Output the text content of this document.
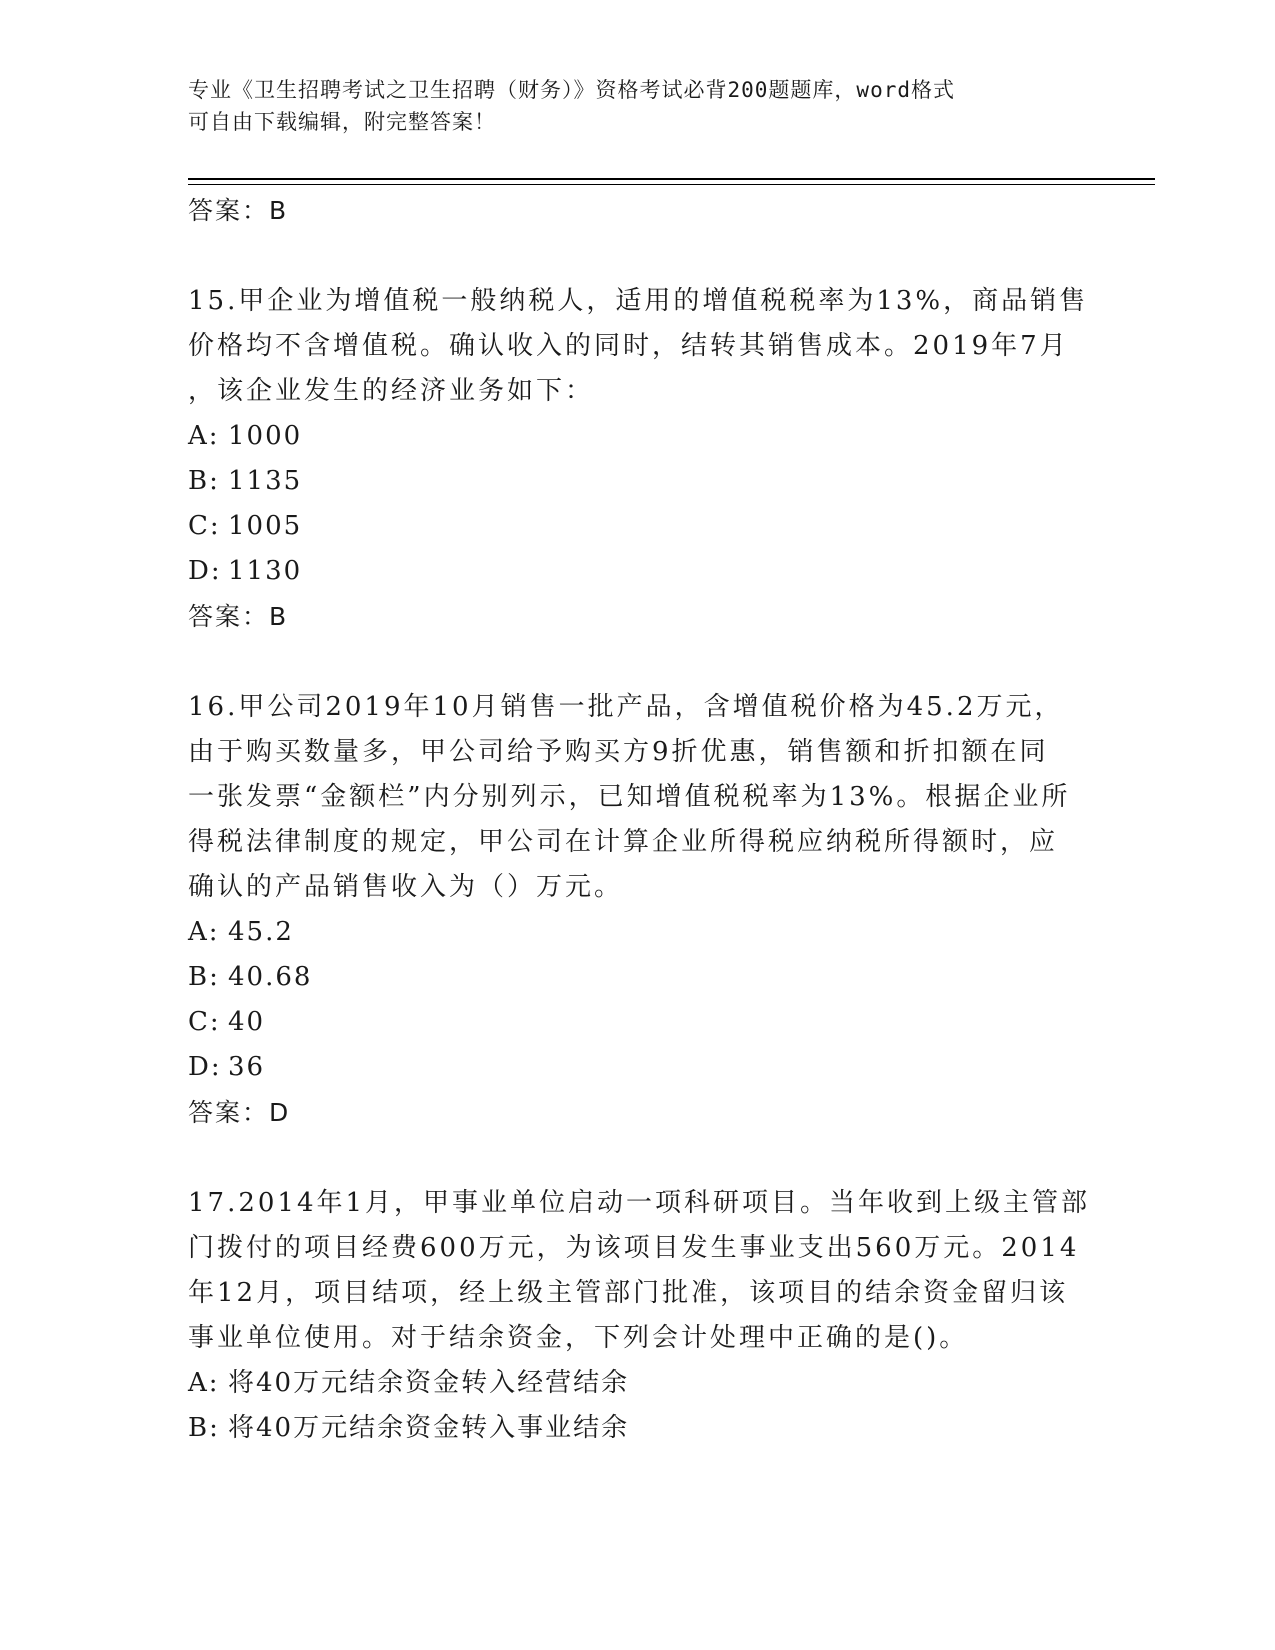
专业《卫生招聘考试之卫生招聘（财务）》资格考试必背200题题库，word格式
可自由下载编辑，附完整答案！
答案：B
15.甲企业为增值税一般纳税人，适用的增值税税率为13%，商品销售
价格均不含增值税。确认收入的同时，结转其销售成本。2019年7月
，该企业发生的经济业务如下：
A: 1000
B: 1135
C: 1005
D: 1130
答案：B
16.甲公司2019年10月销售一批产品，含增值税价格为45.2万元，
由于购买数量多，甲公司给予购买方9折优惠，销售额和折扣额在同
一张发票“金额栏”内分别列示，已知增值税税率为13%。根据企业所
得税法律制度的规定，甲公司在计算企业所得税应纳税所得额时，应
确认的产品销售收入为（）万元。
A: 45.2
B: 40.68
C: 40
D: 36
答案：D
17.2014年1月，甲事业单位启动一项科研项目。当年收到上级主管部
门拨付的项目经费600万元，为该项目发生事业支出560万元。2014
年12月，项目结项，经上级主管部门批准，该项目的结余资金留归该
事业单位使用。对于结余资金，下列会计处理中正确的是()。
A: 将40万元结余资金转入经营结余
B: 将40万元结余资金转入事业结余
